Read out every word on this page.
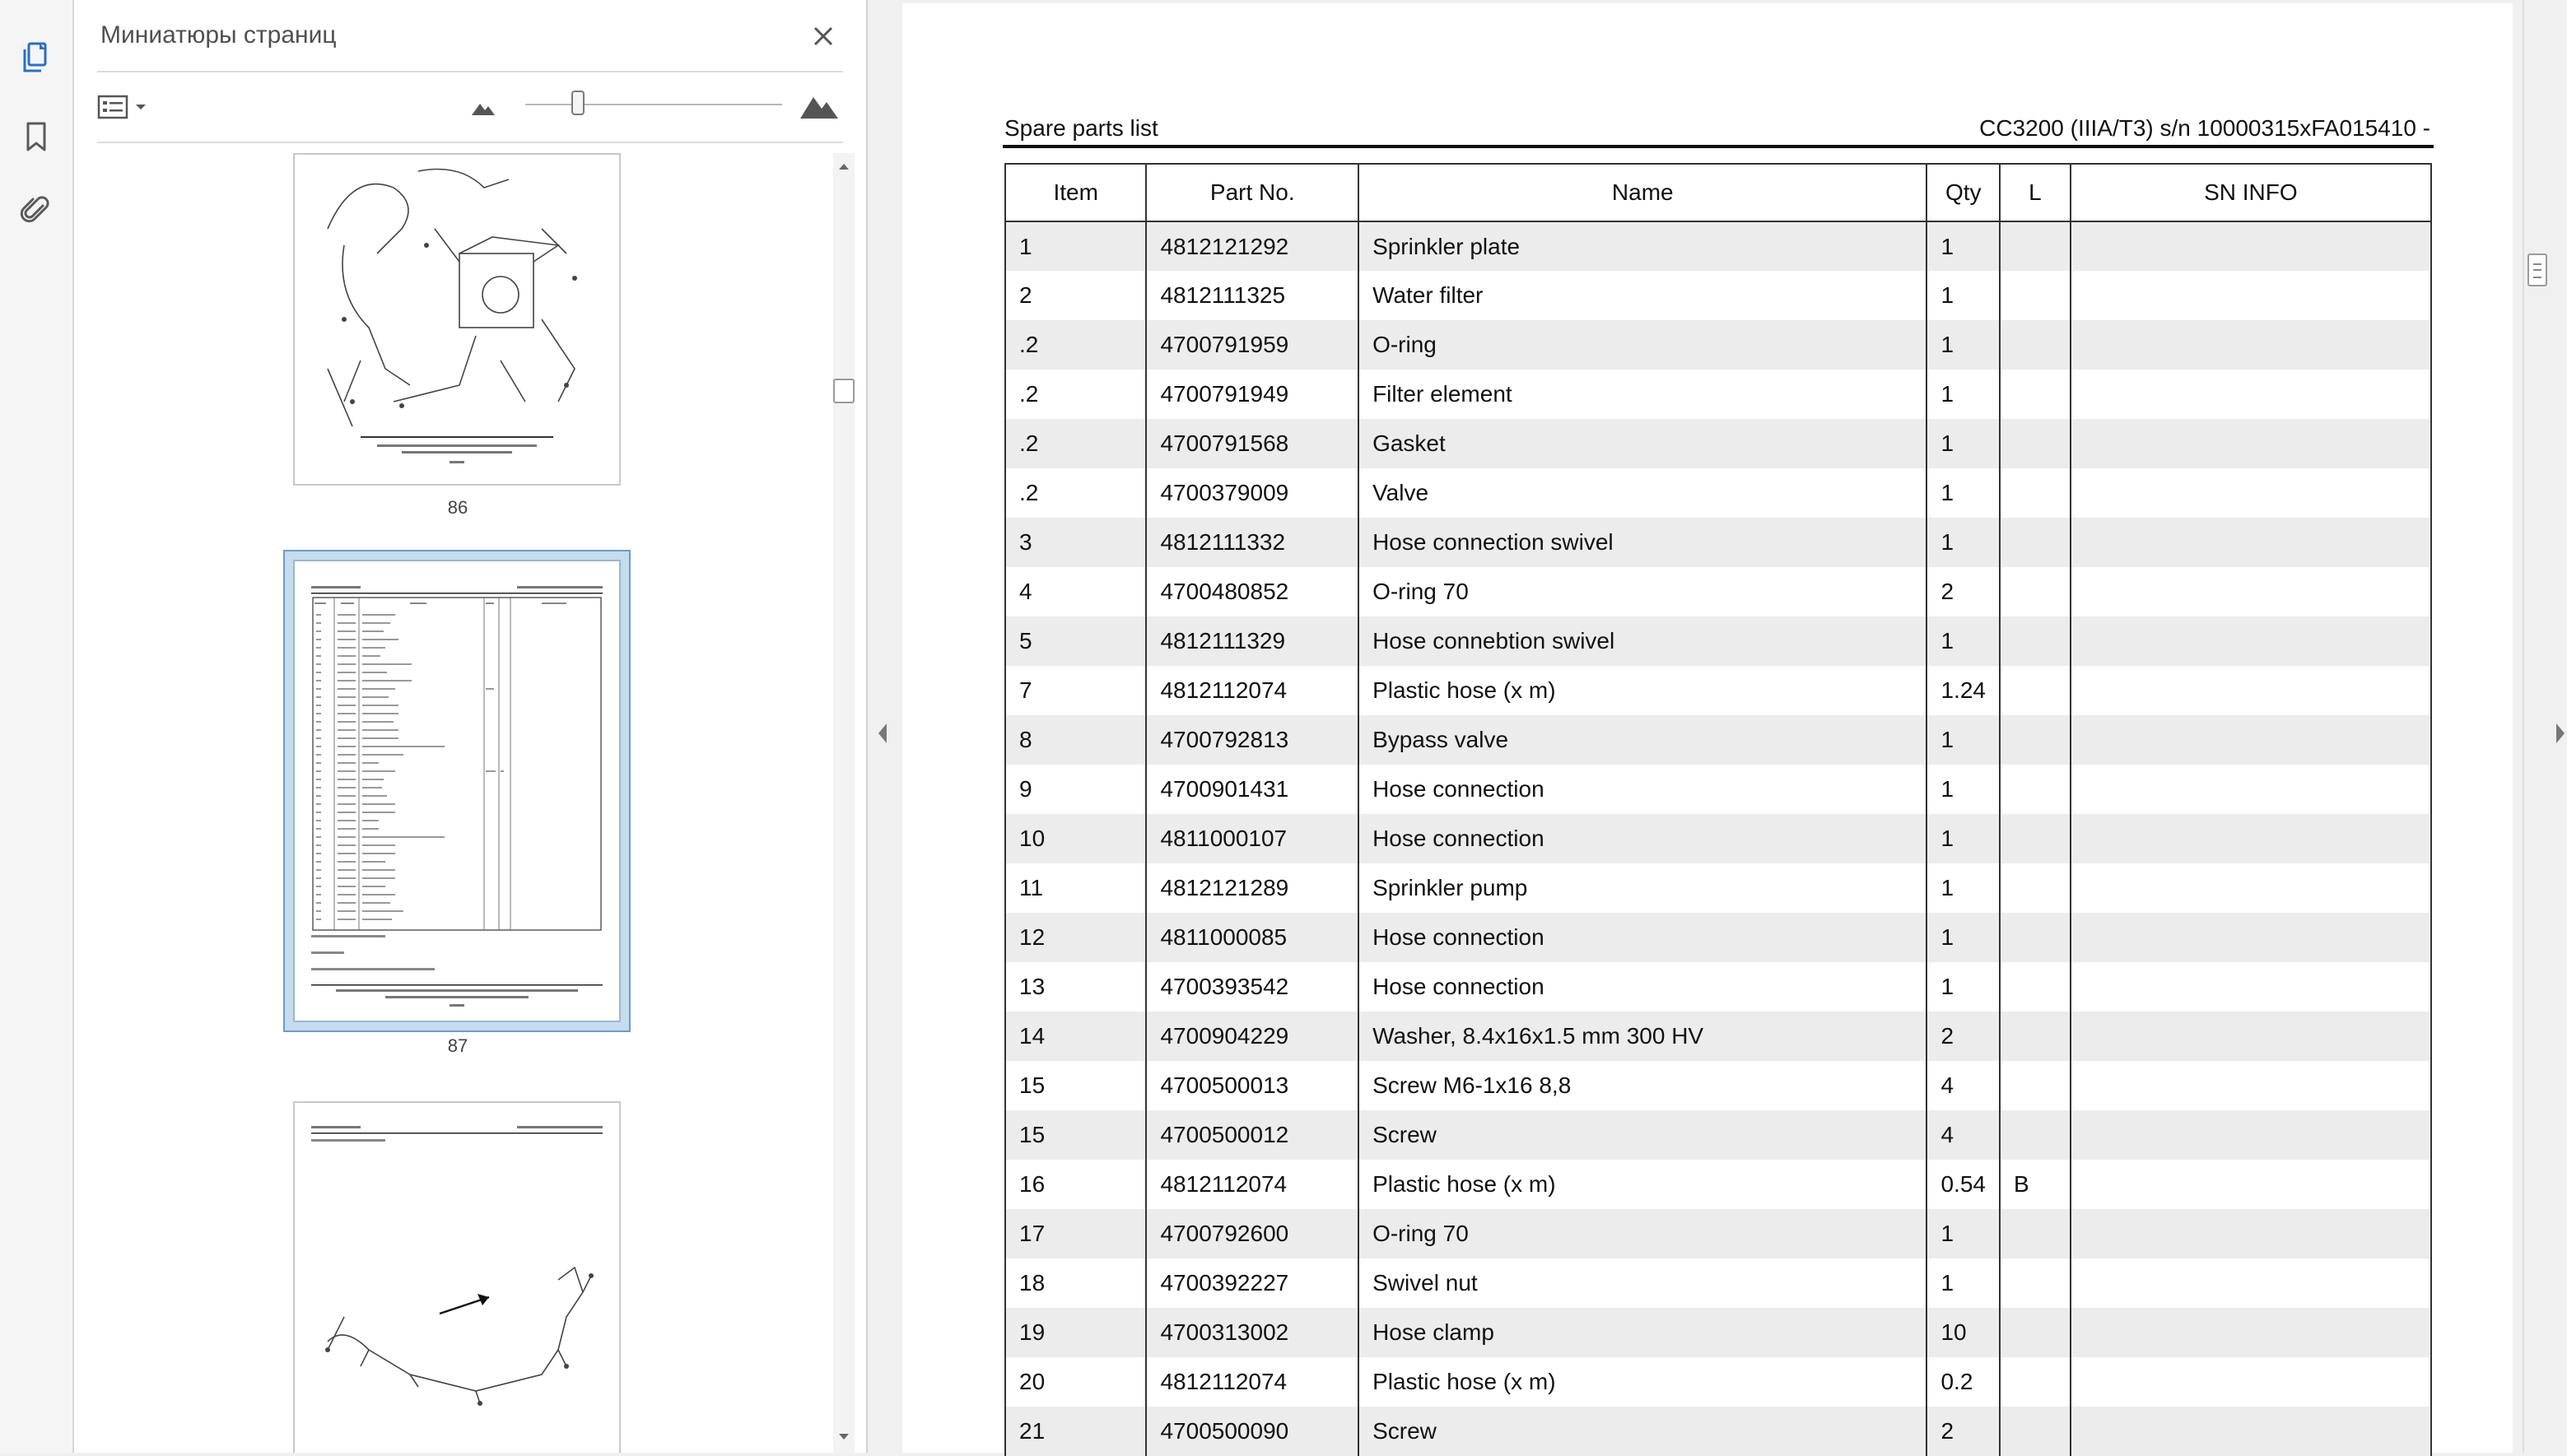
Миниатюры страниц
86
87
Spare parts list	CC3200 (IIIA/T3) s/n 10000315xFA015410 -
Item	Part No.	Name	Qty	L	SN INFO
1	4812121292	Sprinkler plate	1		
2	4812111325	Water filter	1		
.2	4700791959	O-ring	1		
.2	4700791949	Filter element	1		
.2	4700791568	Gasket	1		
.2	4700379009	Valve	1		
3	4812111332	Hose connection swivel	1		
4	4700480852	O-ring 70	2		
5	4812111329	Hose connebtion swivel	1		
7	4812112074	Plastic hose (x m)	1.24		
8	4700792813	Bypass valve	1		
9	4700901431	Hose connection	1		
10	4811000107	Hose connection	1		
11	4812121289	Sprinkler pump	1		
12	4811000085	Hose connection	1		
13	4700393542	Hose connection	1		
14	4700904229	Washer, 8.4x16x1.5 mm 300 HV	2		
15	4700500013	Screw M6-1x16 8,8	4		
15	4700500012	Screw	4		
16	4812112074	Plastic hose (x m)	0.54	B	
17	4700792600	O-ring 70	1		
18	4700392227	Swivel nut	1		
19	4700313002	Hose clamp	10		
20	4812112074	Plastic hose (x m)	0.2		
21	4700500090	Screw	2		
